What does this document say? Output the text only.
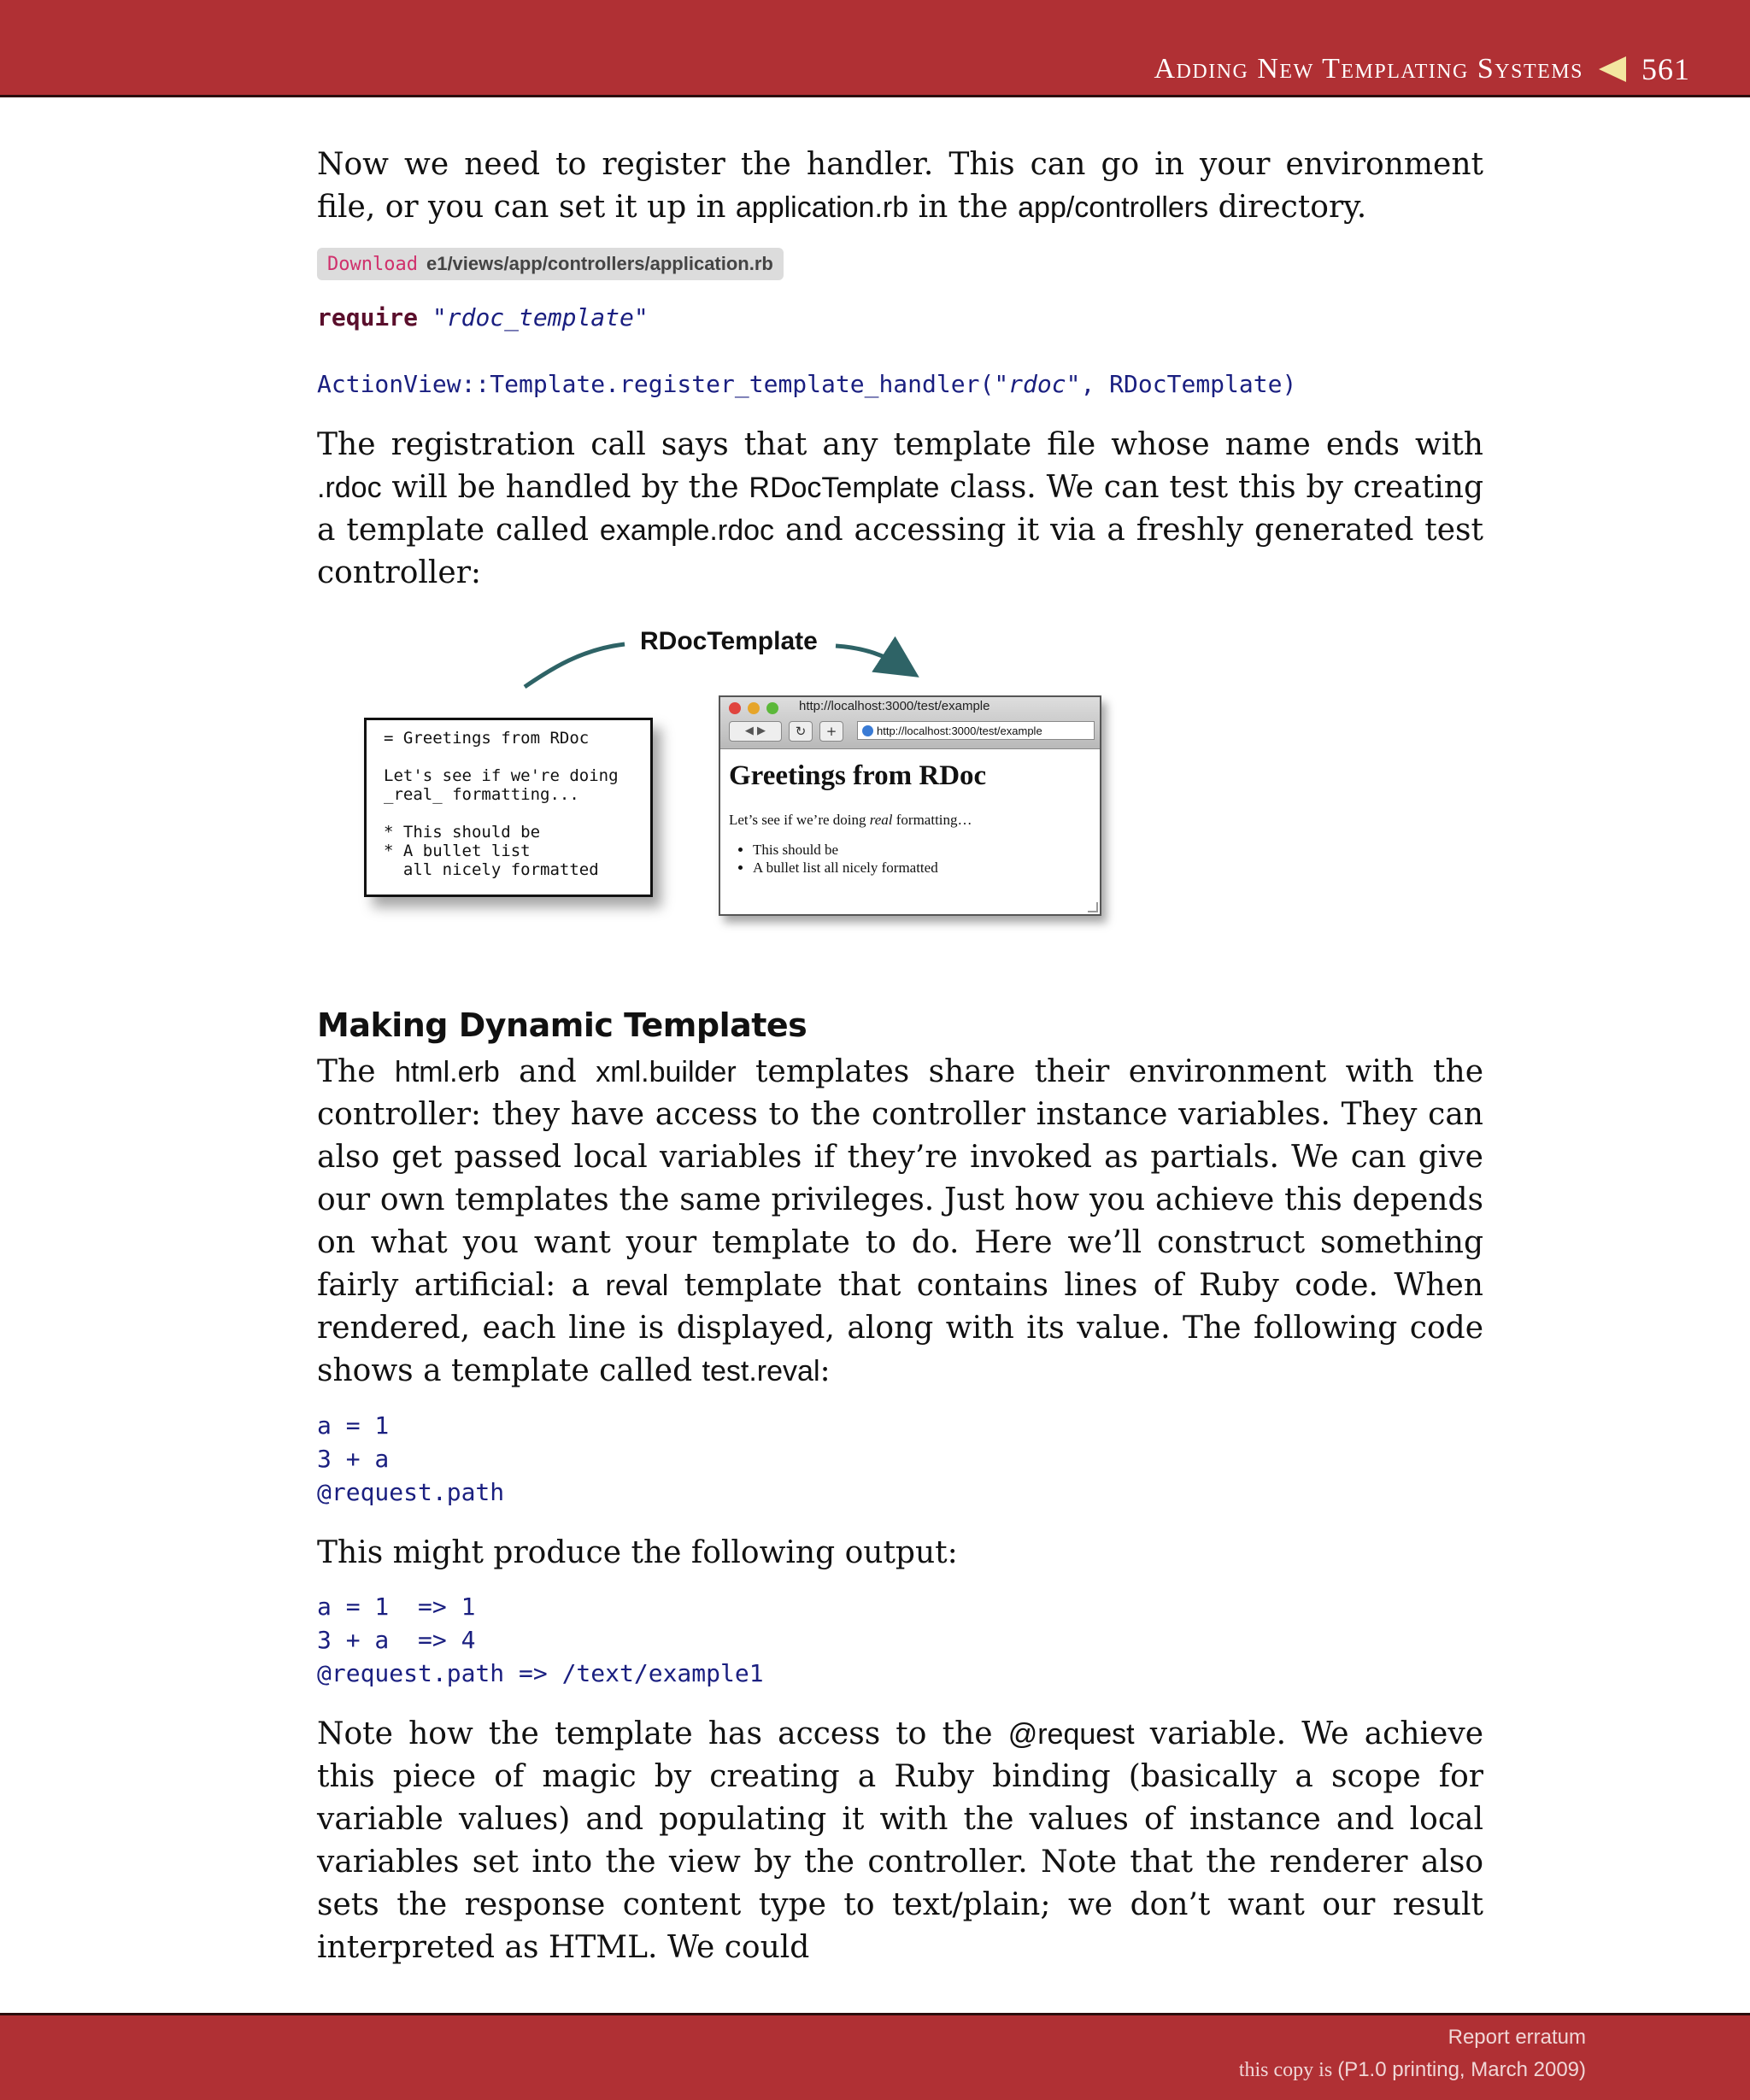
Adding New Templating Systems 561

Now we need to register the handler. This can go in your environment file, or you can set it up in application.rb in the app/controllers directory.

Download e1/views/app/controllers/application.rb
require "rdoc_template"
ActionView::Template.register_template_handler("rdoc", RDocTemplate)

The registration call says that any template file whose name ends with .rdoc will be handled by the RDocTemplate class. We can test this by creating a template called example.rdoc and accessing it via a freshly generated test controller:

RDocTemplate
= Greetings from RDoc

Let's see if we're doing
_real_ formatting...

* This should be
* A bullet list
all nicely formatted
http://localhost:3000/test/example
◀ ▶	↻	+	http://localhost:3000/test/example
Greetings from RDoc
Let’s see if we’re doing real formatting…
• This should be
• A bullet list all nicely formatted
Making Dynamic Templates

The html.erb and xml.builder templates share their environment with the controller: they have access to the controller instance variables. They can also get passed local variables if they’re invoked as partials. We can give our own templates the same privileges. Just how you achieve this depends on what you want your template to do. Here we’ll construct something fairly artificial: a reval template that contains lines of Ruby code. When rendered, each line is displayed, along with its value. The following code shows a template called test.reval:

a = 1
3 + a
@request.path

This might produce the following output:

a = 1  => 1
3 + a  => 4
@request.path => /text/example1

Note how the template has access to the @request variable. We achieve this piece of magic by creating a Ruby binding (basically a scope for variable values) and populating it with the values of instance and local variables set into the view by the controller. Note that the renderer also sets the response content type to text/plain; we don’t want our result interpreted as HTML. We could

Report erratum
this copy is (P1.0 printing, March 2009)
